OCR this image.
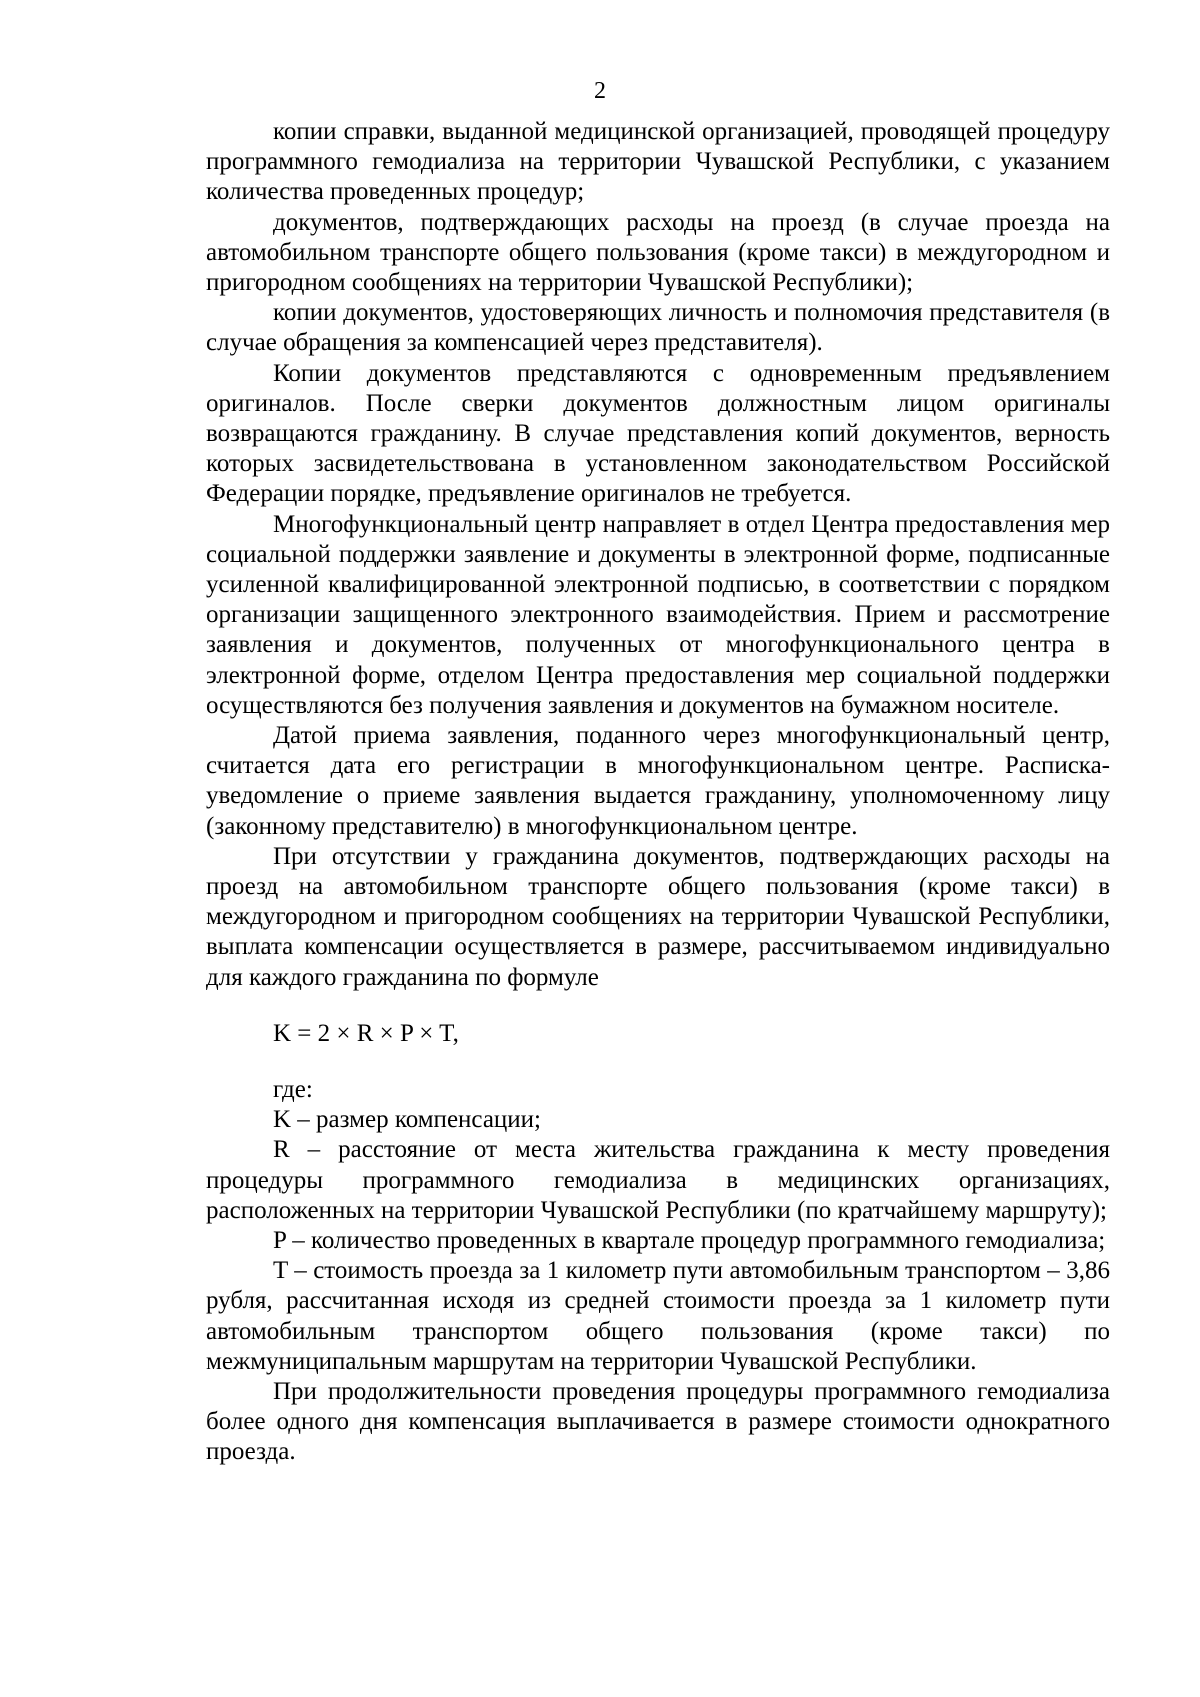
2

копии справки, выданной медицинской организацией, проводящей процедуру программного гемодиализа на территории Чувашской Республики, с указанием количества проведенных процедур;

документов, подтверждающих расходы на проезд (в случае проезда на автомобильном транспорте общего пользования (кроме такси) в междугородном и пригородном сообщениях на территории Чувашской Республики);

копии документов, удостоверяющих личность и полномочия представителя (в случае обращения за компенсацией через представителя).

Копии документов представляются с одновременным предъявлением оригиналов. После сверки документов должностным лицом оригиналы возвращаются гражданину. В случае представления копий документов, верность которых засвидетельствована в установленном законодательством Российской Федерации порядке, предъявление оригиналов не требуется.

Многофункциональный центр направляет в отдел Центра предоставления мер социальной поддержки заявление и документы в электронной форме, подписанные усиленной квалифицированной электронной подписью, в соответствии с порядком организации защищенного электронного взаимодействия. Прием и рассмотрение заявления и документов, полученных от многофункционального центра в электронной форме, отделом Центра предоставления мер социальной поддержки осуществляются без получения заявления и документов на бумажном носителе.

Датой приема заявления, поданного через многофункциональный центр, считается дата его регистрации в многофункциональном центре. Расписка-уведомление о приеме заявления выдается гражданину, уполномоченному лицу (законному представителю) в многофункциональном центре.

При отсутствии у гражданина документов, подтверждающих расходы на проезд на автомобильном транспорте общего пользования (кроме такси) в междугородном и пригородном сообщениях на территории Чувашской Республики, выплата компенсации осуществляется в размере, рассчитываемом индивидуально для каждого гражданина по формуле

K = 2 × R × P × T,

где:

K – размер компенсации;

R – расстояние от места жительства гражданина к месту проведения процедуры программного гемодиализа в медицинских организациях, расположенных на территории Чувашской Республики (по кратчайшему маршруту);

P – количество проведенных в квартале процедур программного гемодиализа;

T – стоимость проезда за 1 километр пути автомобильным транспортом – 3,86 рубля, рассчитанная исходя из средней стоимости проезда за 1 километр пути автомобильным транспортом общего пользования (кроме такси) по межмуниципальным маршрутам на территории Чувашской Республики.

При продолжительности проведения процедуры программного гемодиализа более одного дня компенсация выплачивается в размере стоимости однократного проезда.
